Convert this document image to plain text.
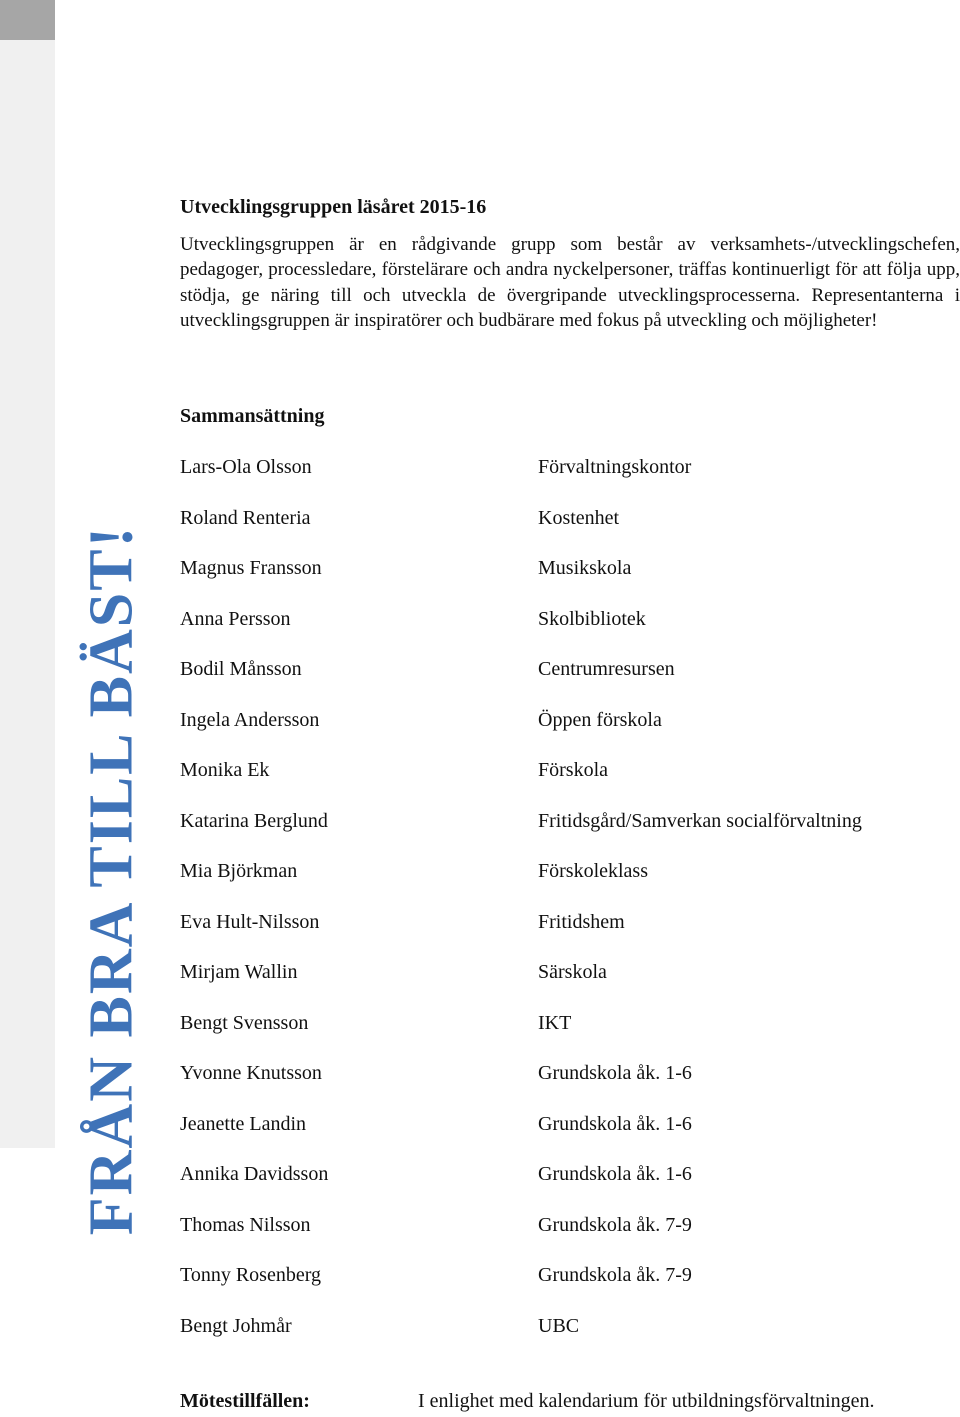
FRÅN BRA TILL BÄST!
Utvecklingsgruppen läsåret 2015-16

Utvecklingsgruppen är en rådgivande grupp som består av verksamhets-/utvecklingschefen, pedagoger, processledare, förstelärare och andra nyckelpersoner, träffas kontinuerligt för att följa upp, stödja, ge näring till och utveckla de övergripande utvecklingsprocesserna. Representanterna i utvecklingsgruppen är inspiratörer och budbärare med fokus på utveckling och möjligheter!

Sammansättning
Lars-Ola Olsson	Förvaltningskontor
Roland Renteria	Kostenhet
Magnus Fransson	Musikskola
Anna Persson	Skolbibliotek
Bodil Månsson	Centrumresursen
Ingela Andersson	Öppen förskola
Monika Ek	Förskola
Katarina Berglund	Fritidsgård/Samverkan socialförvaltning
Mia Björkman	Förskoleklass
Eva Hult-Nilsson	Fritidshem
Mirjam Wallin	Särskola
Bengt Svensson	IKT
Yvonne Knutsson	Grundskola åk. 1-6
Jeanette Landin	Grundskola åk. 1-6
Annika Davidsson	Grundskola åk. 1-6
Thomas Nilsson	Grundskola åk. 7-9
Tonny Rosenberg	Grundskola åk. 7-9
Bengt Johmår	UBC
Mötestillfällen:	I enlighet med kalendarium för utbildningsförvaltningen.
